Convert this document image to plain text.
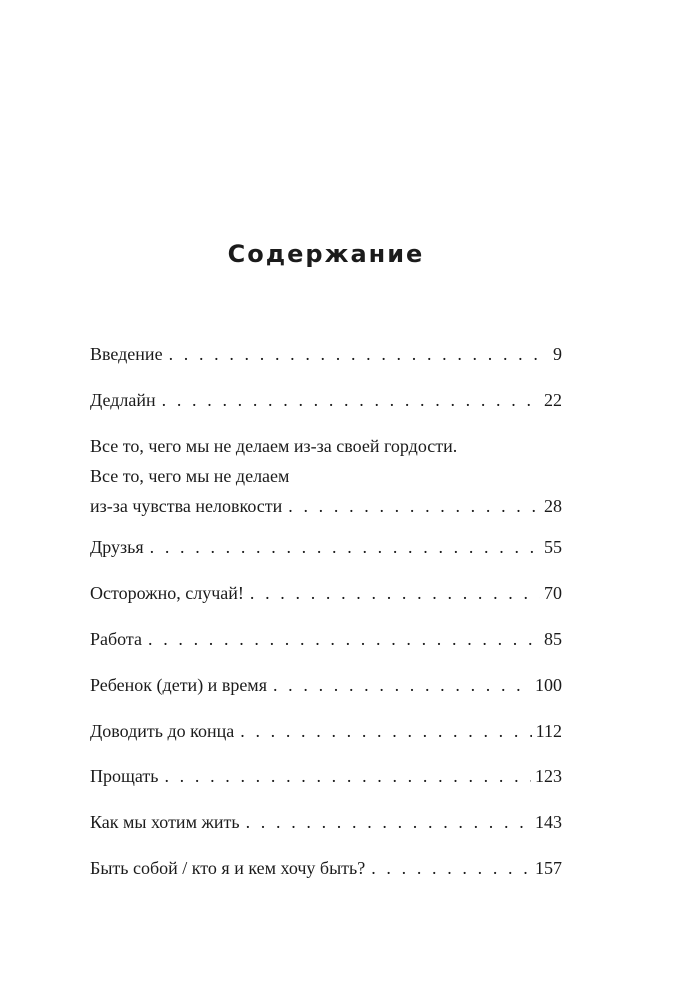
Содержание
Введение . . .	9
Дедлайн . . .	22
Все то, чего мы не делаем из-за своей гордости.
Все то, чего мы не делаем
из-за чувства неловкости . . .	28
Друзья . . .	55
Осторожно, случай! . . .	70
Работа . . .	85
Ребенок (дети) и время . . .	100
Доводить до конца . . .	112
Прощать . . .	123
Как мы хотим жить . . .	143
Быть собой / кто я и кем хочу быть? . . .	157
